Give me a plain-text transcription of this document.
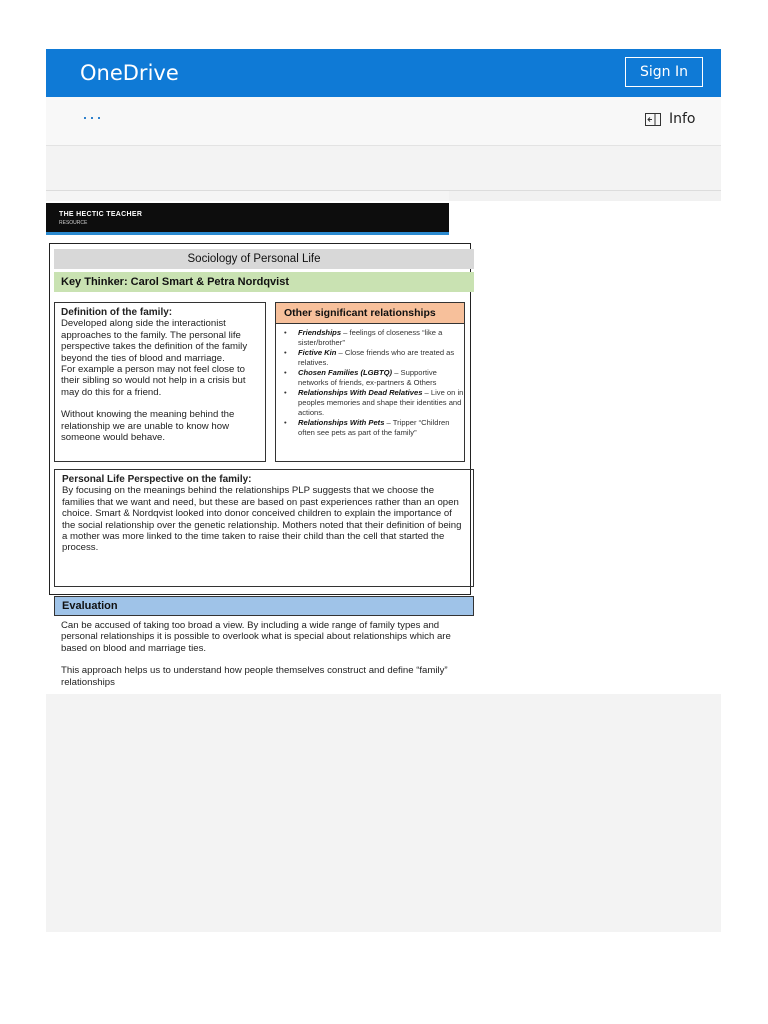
OneDrive	Sign In
···	Info
THE HECTIC TEACHER
RESOURCE
Sociology of Personal Life
Key Thinker: Carol Smart & Petra Nordqvist
Definition of the family:
Developed along side the interactionist approaches to the family. The personal life perspective takes the definition of the family beyond the ties of blood and marriage.
For example a person may not feel close to their sibling so would not help in a crisis but may do this for a friend.
Without knowing the meaning behind the relationship we are unable to know how someone would behave.
Other significant relationships
• Friendships – feelings of closeness “like a sister/brother”
• Fictive Kin – Close friends who are treated as relatives.
• Chosen Families (LGBTQ) – Supportive networks of friends, ex-partners & Others
• Relationships With Dead Relatives – Live on in peoples memories and shape their identities and actions.
• Relationships With Pets – Tripper “Children often see pets as part of the family”
Personal Life Perspective on the family:
By focusing on the meanings behind the relationships PLP suggests that we choose the families that we want and need, but these are based on past experiences rather than an open choice. Smart & Nordqvist looked into donor conceived children to explain the importance of the social relationship over the genetic relationship. Mothers noted that their definition of being a mother was more linked to the time taken to raise their child than the cell that started the process.
Evaluation

Can be accused of taking too broad a view. By including a wide range of family types and personal relationships it is possible to overlook what is special about relationships which are based on blood and marriage ties.

This approach helps us to understand how people themselves construct and define “family” relationships
